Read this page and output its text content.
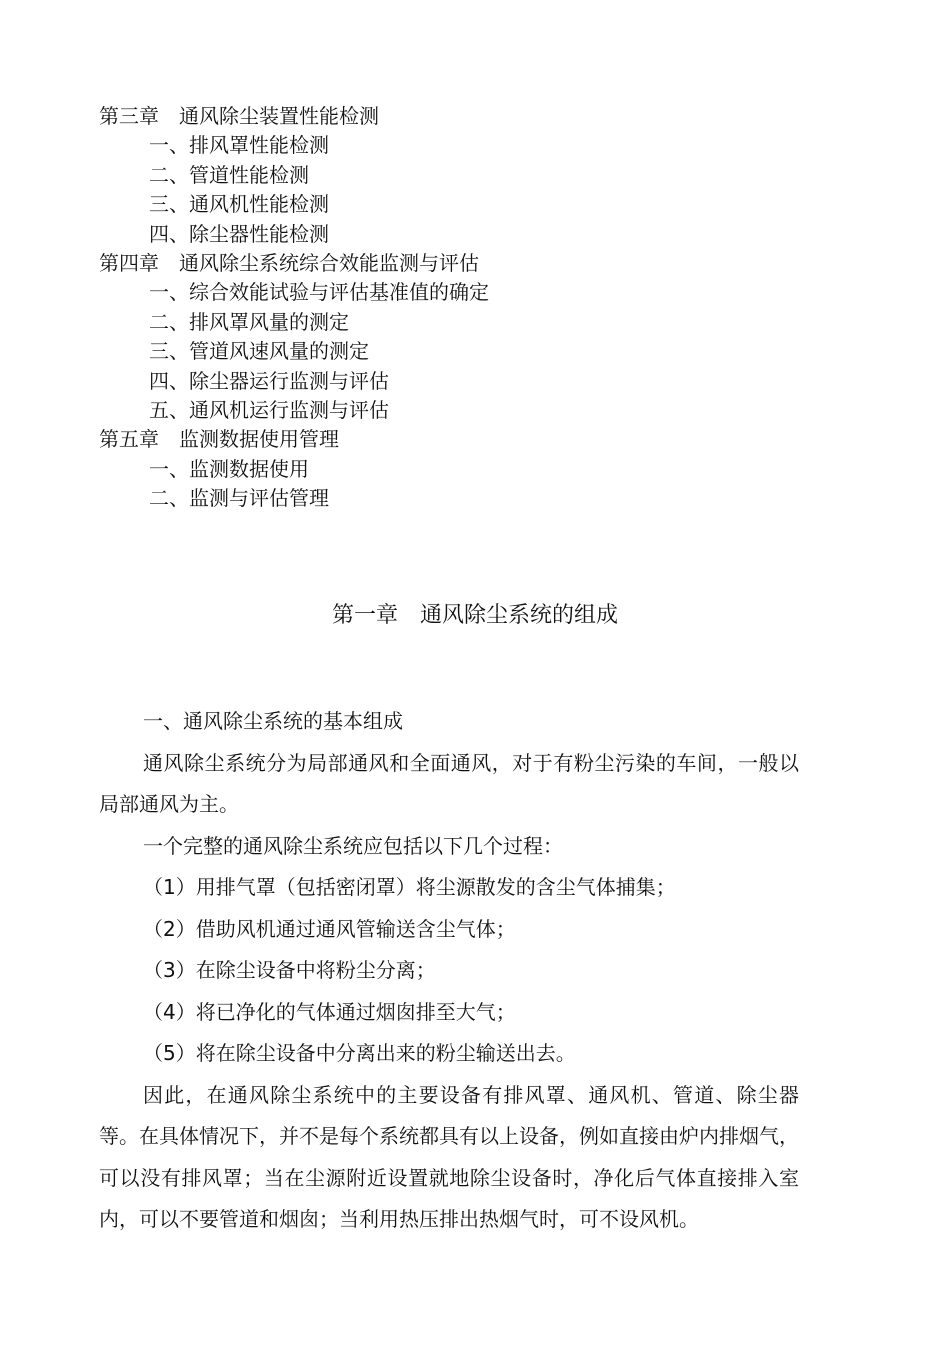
第三章　通风除尘装置性能检测
一、排风罩性能检测
二、管道性能检测
三、通风机性能检测
四、除尘器性能检测
第四章　通风除尘系统综合效能监测与评估
一、综合效能试验与评估基准值的确定
二、排风罩风量的测定
三、管道风速风量的测定
四、除尘器运行监测与评估
五、通风机运行监测与评估
第五章　监测数据使用管理
一、监测数据使用
二、监测与评估管理
第一章　通风除尘系统的组成

一、通风除尘系统的基本组成

通风除尘系统分为局部通风和全面通风，对于有粉尘污染的车间，一般以局部通风为主。

一个完整的通风除尘系统应包括以下几个过程：

（1）用排气罩（包括密闭罩）将尘源散发的含尘气体捕集；

（2）借助风机通过通风管输送含尘气体；

（3）在除尘设备中将粉尘分离；

（4）将已净化的气体通过烟囱排至大气；

（5）将在除尘设备中分离出来的粉尘输送出去。

因此，在通风除尘系统中的主要设备有排风罩、通风机、管道、除尘器等。在具体情况下，并不是每个系统都具有以上设备，例如直接由炉内排烟气，可以没有排风罩；当在尘源附近设置就地除尘设备时，净化后气体直接排入室内，可以不要管道和烟囱；当利用热压排出热烟气时，可不设风机。
